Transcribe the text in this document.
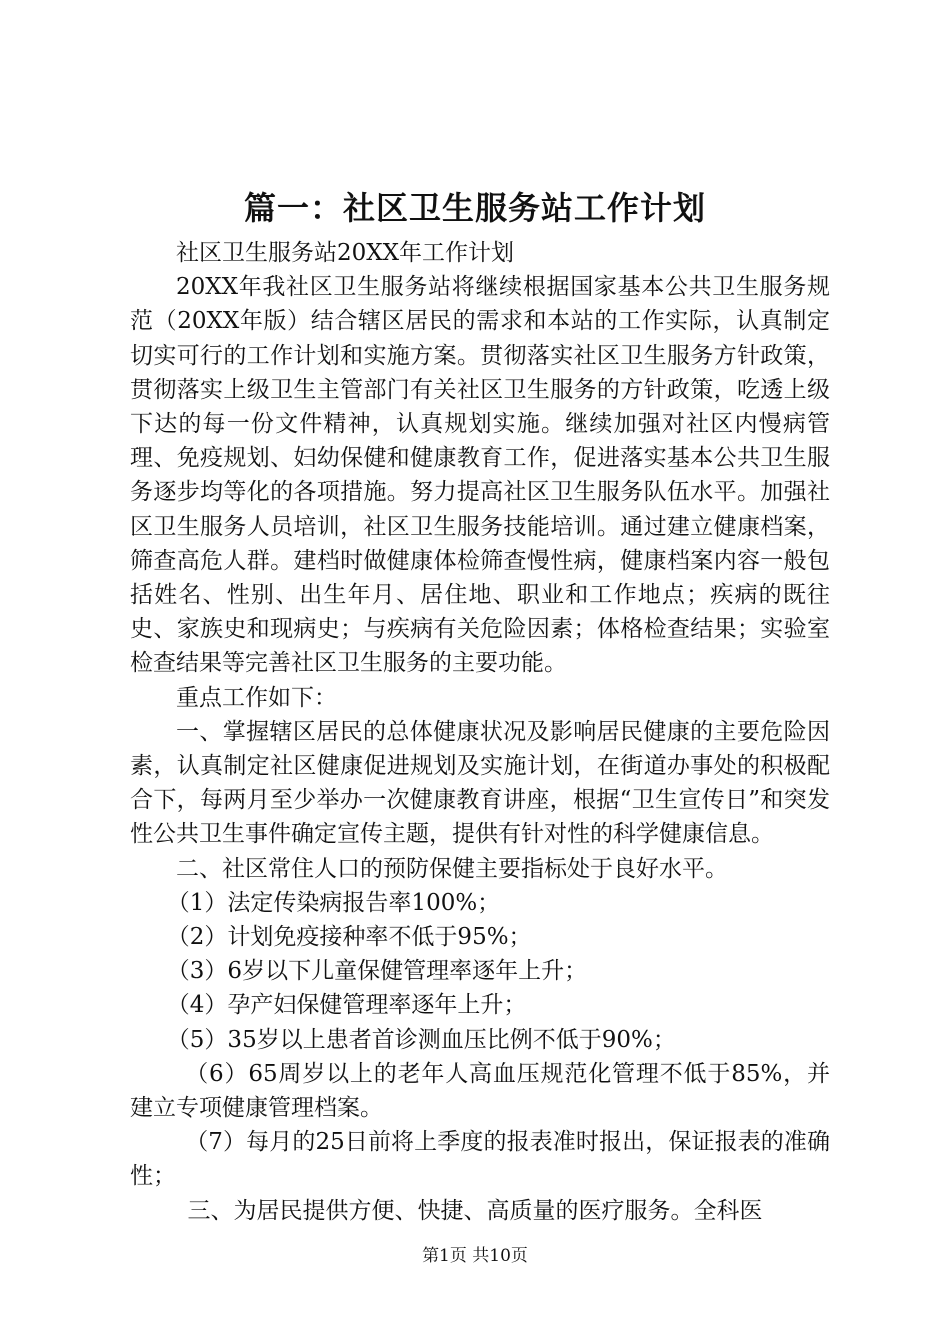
篇一：社区卫生服务站工作计划

社区卫生服务站20XX年工作计划

20XX年我社区卫生服务站将继续根据国家基本公共卫生服务规范（20XX年版）结合辖区居民的需求和本站的工作实际，认真制定切实可行的工作计划和实施方案。贯彻落实社区卫生服务方针政策，贯彻落实上级卫生主管部门有关社区卫生服务的方针政策，吃透上级下达的每一份文件精神，认真规划实施。继续加强对社区内慢病管理、免疫规划、妇幼保健和健康教育工作，促进落实基本公共卫生服务逐步均等化的各项措施。努力提高社区卫生服务队伍水平。加强社区卫生服务人员培训，社区卫生服务技能培训。通过建立健康档案，筛查高危人群。建档时做健康体检筛查慢性病，健康档案内容一般包括姓名、性别、出生年月、居住地、职业和工作地点；疾病的既往史、家族史和现病史；与疾病有关危险因素；体格检查结果；实验室检查结果等完善社区卫生服务的主要功能。

重点工作如下：

一、掌握辖区居民的总体健康状况及影响居民健康的主要危险因素，认真制定社区健康促进规划及实施计划，在街道办事处的积极配合下，每两月至少举办一次健康教育讲座，根据“卫生宣传日”和突发性公共卫生事件确定宣传主题，提供有针对性的科学健康信息。

二、社区常住人口的预防保健主要指标处于良好水平。

（1）法定传染病报告率100%；

（2）计划免疫接种率不低于95%；

（3）6岁以下儿童保健管理率逐年上升；

（4）孕产妇保健管理率逐年上升；

（5）35岁以上患者首诊测血压比例不低于90%；

（6）65周岁以上的老年人高血压规范化管理不低于85%，并建立专项健康管理档案。

（7）每月的25日前将上季度的报表准时报出，保证报表的准确性；

三、为居民提供方便、快捷、高质量的医疗服务。全科医

第1页 共10页
